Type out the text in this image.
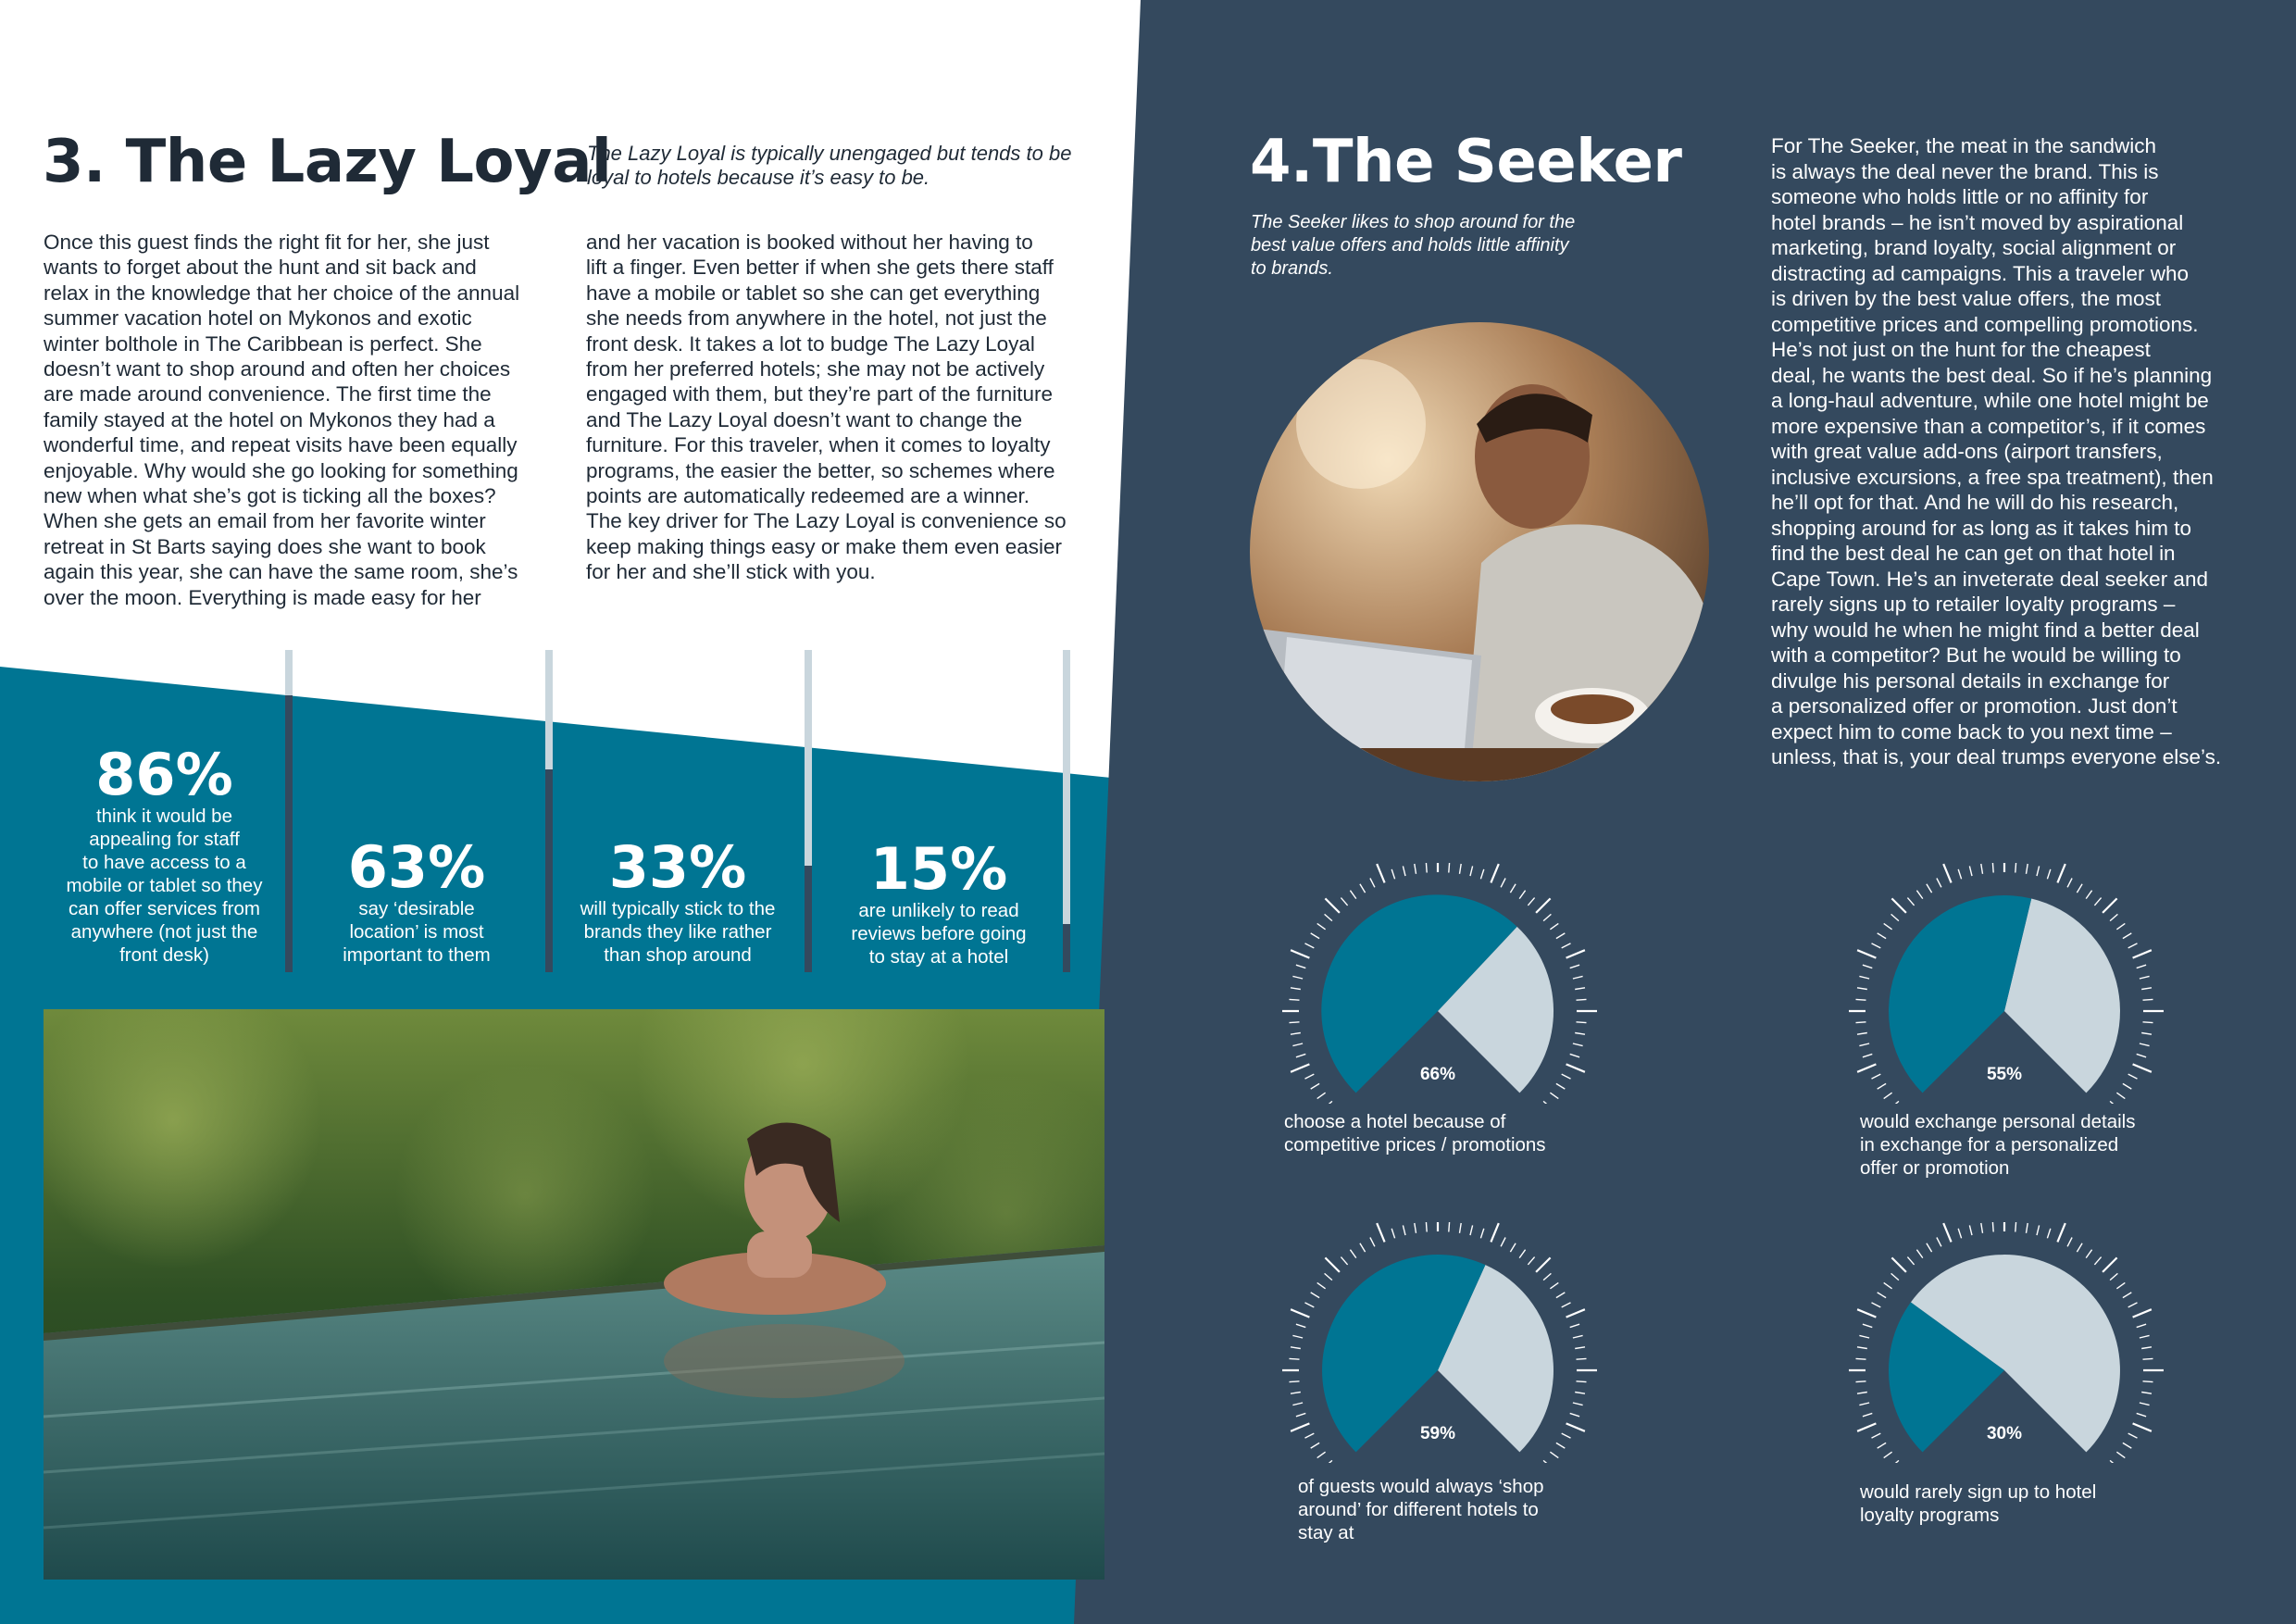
3. The Lazy Loyal
The Lazy Loyal is typically unengaged but tends to be loyal to hotels because it’s easy to be.
Once this guest finds the right fit for her, she just
wants to forget about the hunt and sit back and
relax in the knowledge that her choice of the annual
summer vacation hotel on Mykonos and exotic
winter bolthole in The Caribbean is perfect. She
doesn’t want to shop around and often her choices
are made around convenience. The first time the
family stayed at the hotel on Mykonos they had a
wonderful time, and repeat visits have been equally
enjoyable. Why would she go looking for something
new when what she’s got is ticking all the boxes?
When she gets an email from her favorite winter
retreat in St Barts saying does she want to book
again this year, she can have the same room, she’s
over the moon. Everything is made easy for her
and her vacation is booked without her having to
lift a finger. Even better if when she gets there staff
have a mobile or tablet so she can get everything
she needs from anywhere in the hotel, not just the
front desk. It takes a lot to budge The Lazy Loyal
from her preferred hotels; she may not be actively
engaged with them, but they’re part of the furniture
and The Lazy Loyal doesn’t want to change the
furniture. For this traveler, when it comes to loyalty
programs, the easier the better, so schemes where
points are automatically redeemed are a winner.
The key driver for The Lazy Loyal is convenience so
keep making things easy or make them even easier
for her and she’ll stick with you.
86%
think it would be
appealing for staff
to have access to a
mobile or tablet so they
can offer services from
anywhere (not just the
front desk)
63%
say ‘desirable
location’ is most
important to them
33%
will typically stick to the
brands they like rather
than shop around
15%
are unlikely to read
reviews before going
to stay at a hotel
4.The Seeker
The Seeker likes to shop around for the
best value offers and holds little affinity
to brands.
For The Seeker, the meat in the sandwich
is always the deal never the brand. This is
someone who holds little or no affinity for
hotel brands – he isn’t moved by aspirational
marketing, brand loyalty, social alignment or
distracting ad campaigns. This a traveler who
is driven by the best value offers, the most
competitive prices and compelling promotions.
He’s not just on the hunt for the cheapest
deal, he wants the best deal. So if he’s planning
a long-haul adventure, while one hotel might be
more expensive than a competitor’s, if it comes
with great value add-ons (airport transfers,
inclusive excursions, a free spa treatment), then
he’ll opt for that. And he will do his research,
shopping around for as long as it takes him to
find the best deal he can get on that hotel in
Cape Town. He’s an inveterate deal seeker and
rarely signs up to retailer loyalty programs –
why would he when he might find a better deal
with a competitor? But he would be willing to
divulge his personal details in exchange for
a personalized offer or promotion. Just don’t
expect him to come back to you next time –
unless, that is, your deal trumps everyone else’s.
66%
choose a hotel because of
competitive prices / promotions
55%
would exchange personal details
in exchange for a personalized
offer or promotion
59%
of guests would always ‘shop
around’ for different hotels to
stay at
30%
would rarely sign up to hotel
loyalty programs
